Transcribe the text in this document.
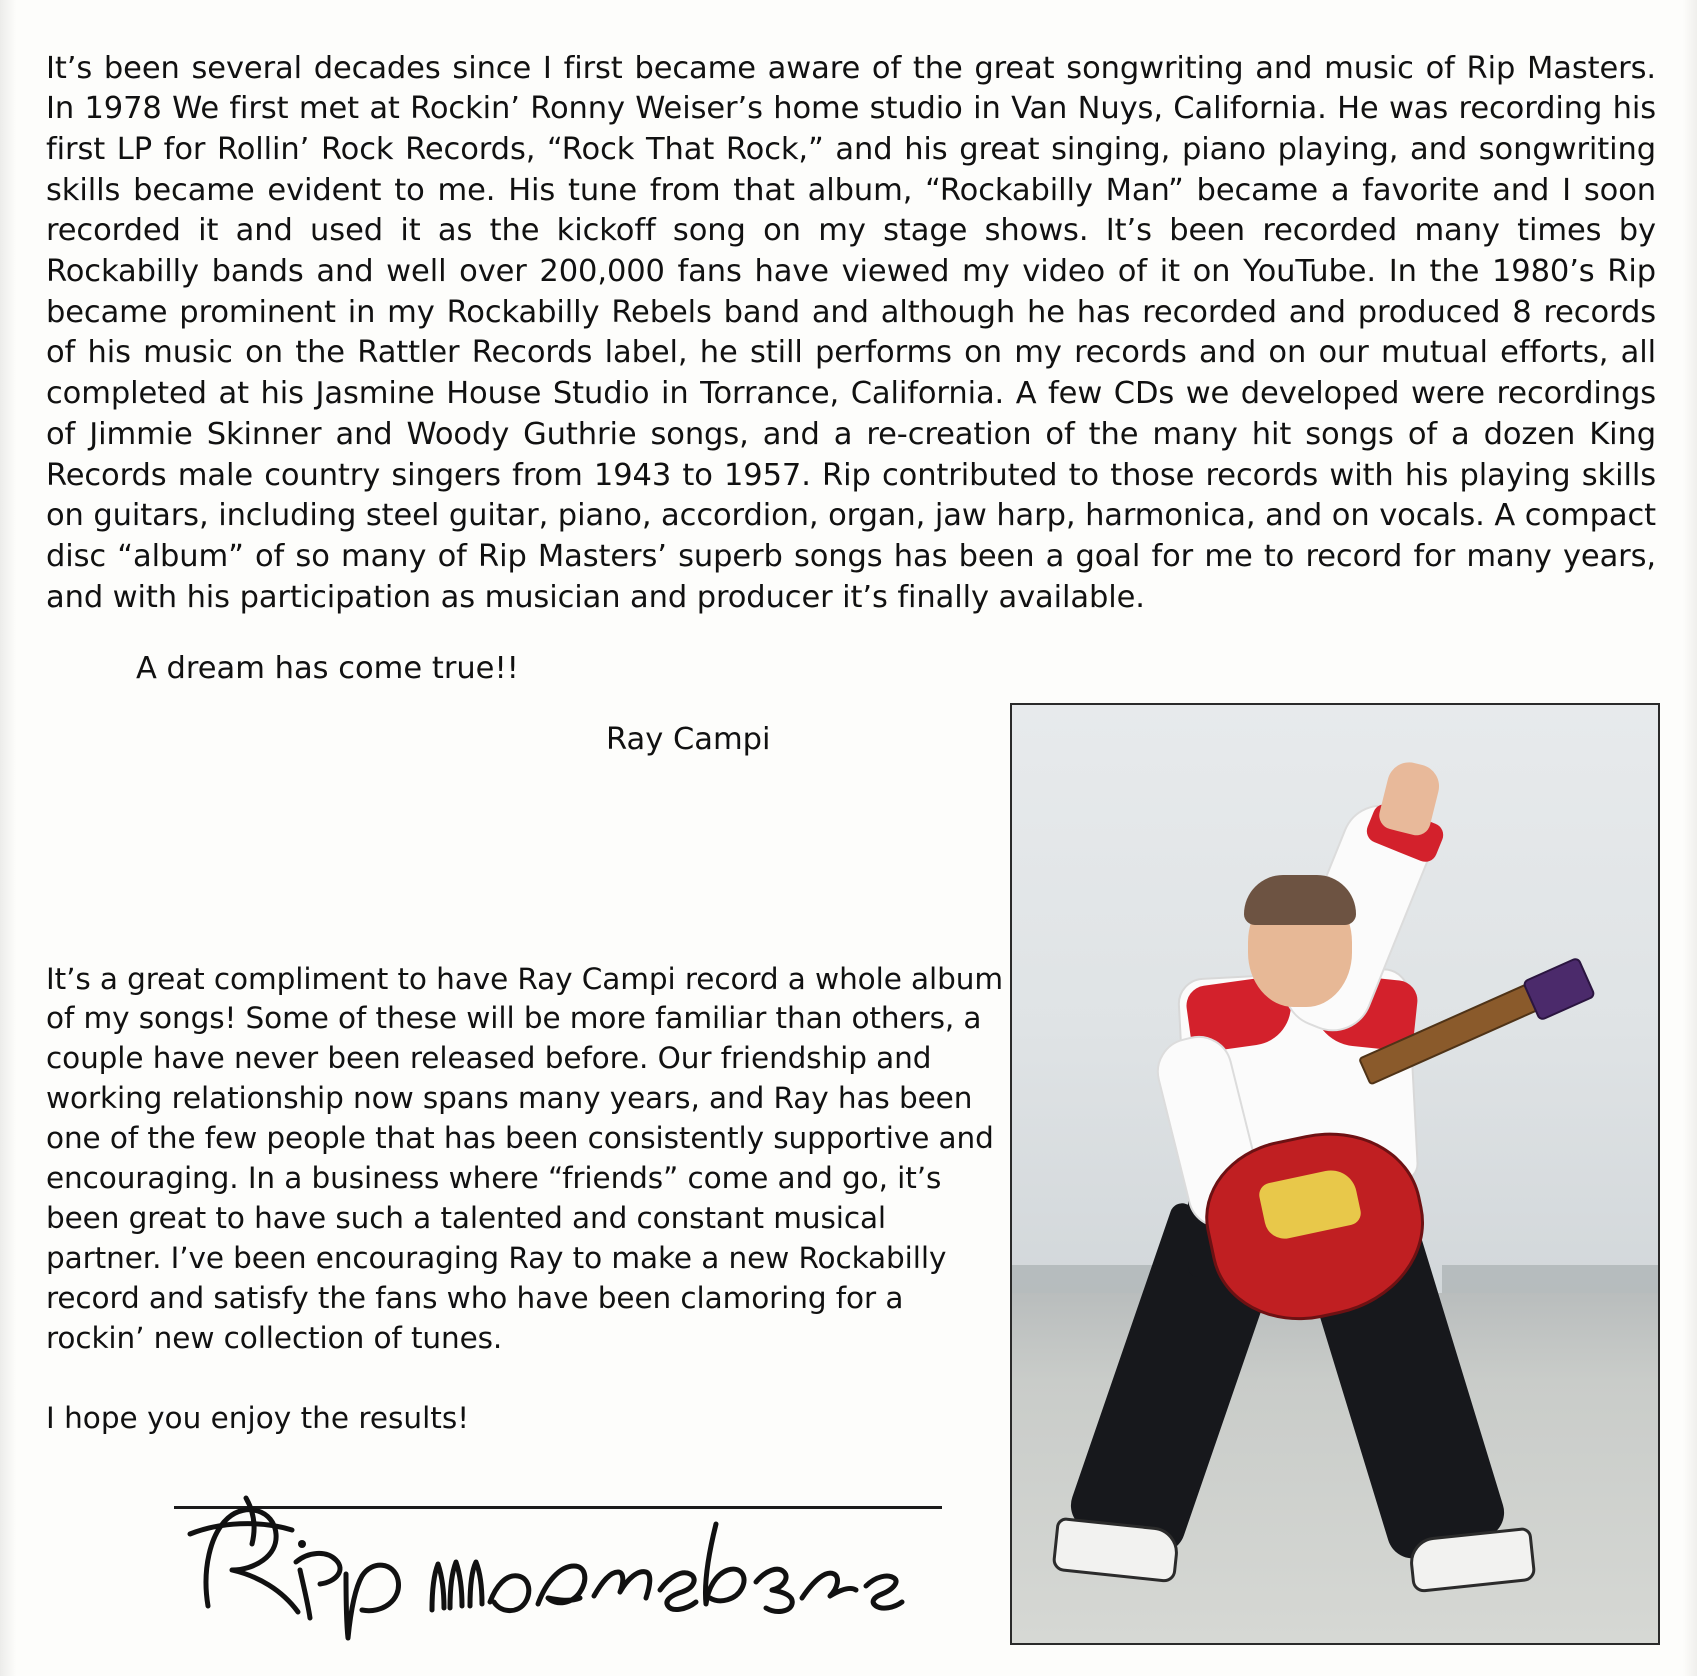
It’s been several decades since I first became aware of the great songwriting and music of Rip Masters. In 1978 We first met at Rockin’ Ronny Weiser’s home studio in Van Nuys, California. He was recording his first LP for Rollin’ Rock Records, “Rock That Rock,” and his great singing, piano playing, and songwriting skills became evident to me. His tune from that album, “Rockabilly Man” became a favorite and I soon recorded it and used it as the kickoff song on my stage shows. It’s been recorded many times by Rockabilly bands and well over 200,000 fans have viewed my video of it on YouTube. In the 1980’s Rip became prominent in my Rockabilly Rebels band and although he has recorded and produced 8 records of his music on the Rattler Records label, he still performs on my records and on our mutual efforts, all completed at his Jasmine House Studio in Torrance, California. A few CDs we developed were recordings of Jimmie Skinner and Woody Guthrie songs, and a re-creation of the many hit songs of a dozen King Records male country singers from 1943 to 1957. Rip contributed to those records with his playing skills on guitars, including steel guitar, piano, accordion, organ, jaw harp, harmonica, and on vocals. A compact disc “album” of so many of Rip Masters’ superb songs has been a goal for me to record for many years, and with his participation as musician and producer it’s finally available.

A dream has come true!!

Ray Campi

It’s a great compliment to have Ray Campi record a whole album of my songs! Some of these will be more familiar than others, a couple have never been released before. Our friendship and working relationship now spans many years, and Ray has been one of the few people that has been consistently supportive and encouraging. In a business where “friends” come and go, it’s been great to have such a talented and constant musical partner. I’ve been encouraging Ray to make a new Rockabilly record and satisfy the fans who have been clamoring for a rockin’ new collection of tunes.

I hope you enjoy the results!
